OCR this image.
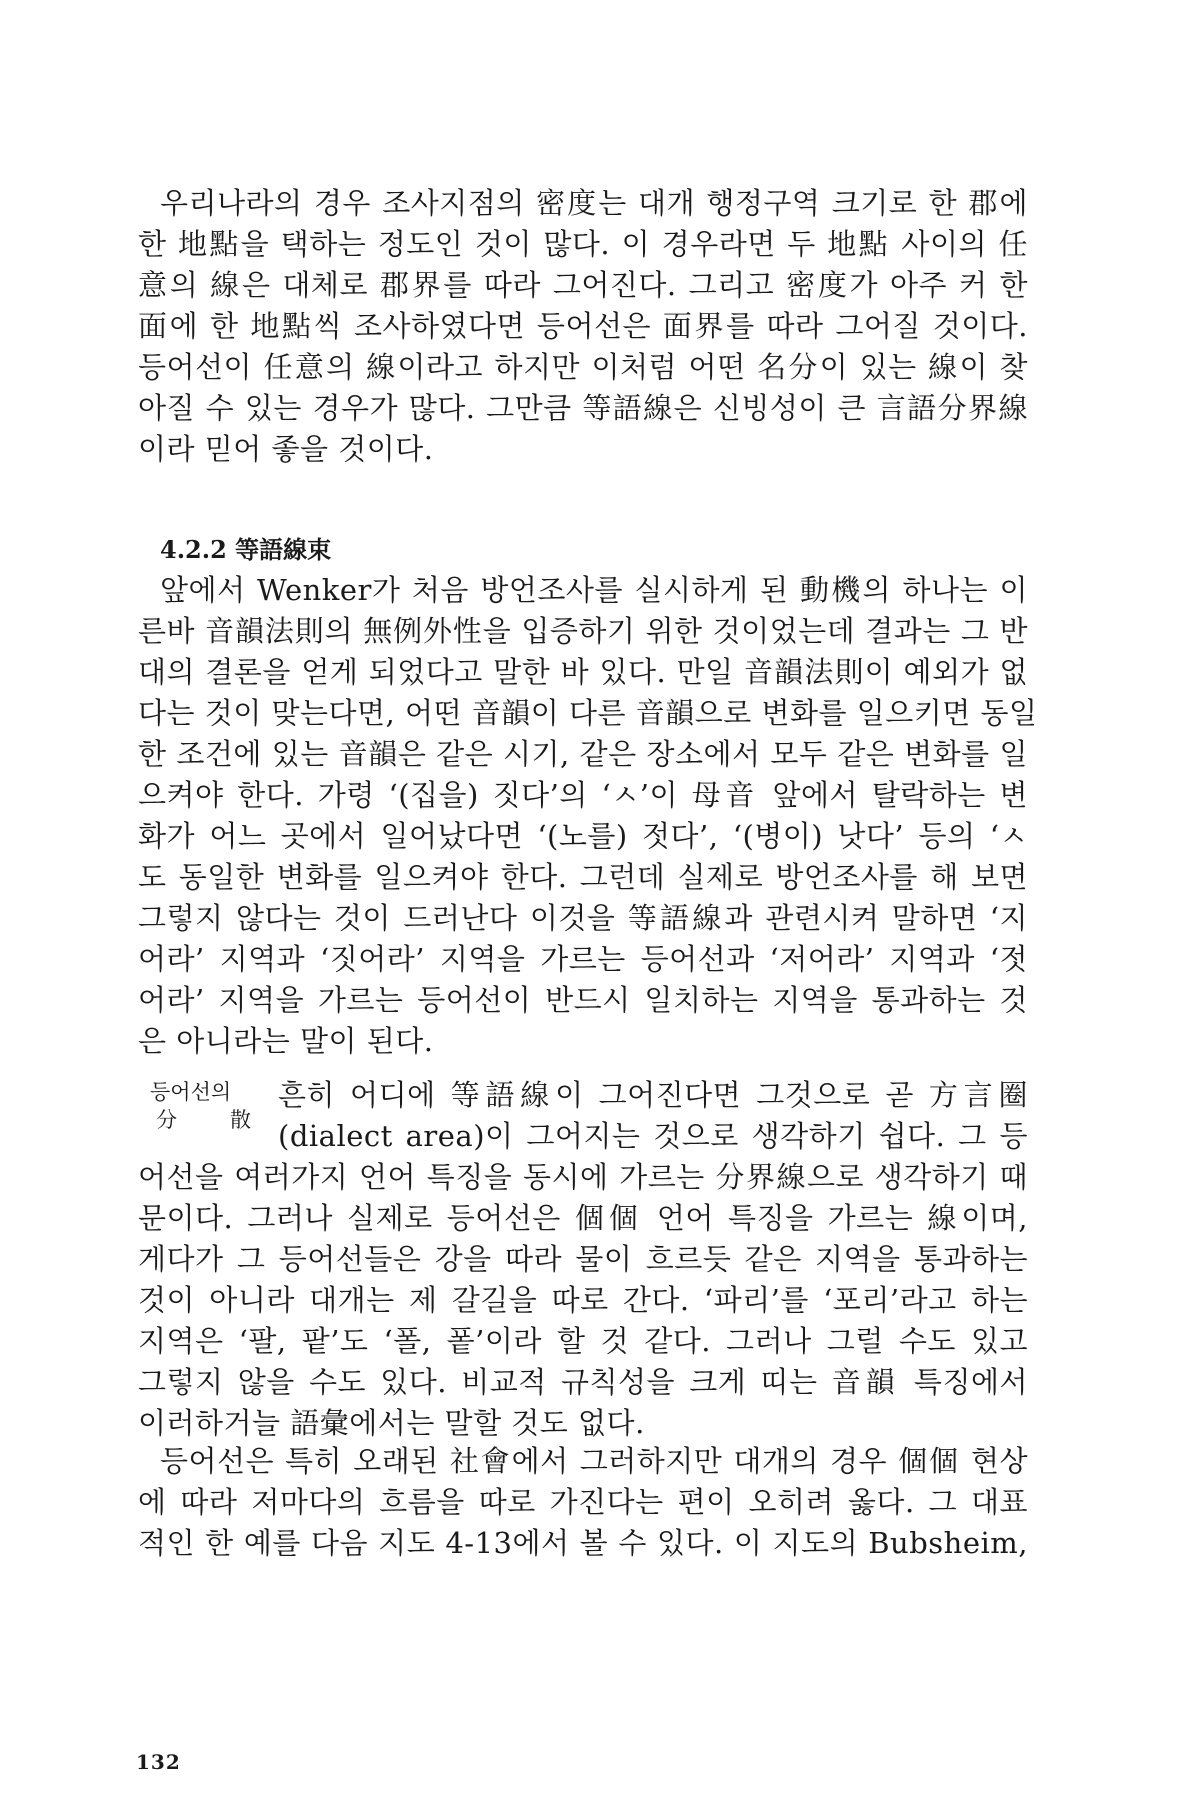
우리나라의 경우 조사지점의 密度는 대개 행정구역 크기로 한 郡에
한 地點을 택하는 정도인 것이 많다. 이 경우라면 두 地點 사이의 任
意의 線은 대체로 郡界를 따라 그어진다. 그리고 密度가 아주 커 한
面에 한 地點씩 조사하였다면 등어선은 面界를 따라 그어질 것이다.
등어선이 任意의 線이라고 하지만 이처럼 어떤 名分이 있는 線이 찾
아질 수 있는 경우가 많다. 그만큼 等語線은 신빙성이 큰 言語分界線
이라 믿어 좋을 것이다.
4.2.2 等語線束
앞에서 Wenker가 처음 방언조사를 실시하게 된 動機의 하나는 이
른바 音韻法則의 無例外性을 입증하기 위한 것이었는데 결과는 그 반
대의 결론을 얻게 되었다고 말한 바 있다. 만일 音韻法則이 예외가 없
다는 것이 맞는다면, 어떤 音韻이 다른 音韻으로 변화를 일으키면 동일
한 조건에 있는 音韻은 같은 시기, 같은 장소에서 모두 같은 변화를 일
으켜야 한다. 가령 ‘(집을) 짓다’의 ‘ㅅ’이 母音 앞에서 탈락하는 변
화가 어느 곳에서 일어났다면 ‘(노를) 젓다’, ‘(병이) 낫다’ 등의 ‘ㅅ
도 동일한 변화를 일으켜야 한다. 그런데 실제로 방언조사를 해 보면
그렇지 않다는 것이 드러난다 이것을 等語線과 관련시켜 말하면 ‘지
어라’ 지역과 ‘짓어라’ 지역을 가르는 등어선과 ‘저어라’ 지역과 ‘젓
어라’ 지역을 가르는 등어선이 반드시 일치하는 지역을 통과하는 것
은 아니라는 말이 된다.
등어선의
分	散
흔히 어디에 等語線이 그어진다면 그것으로 곧 方言圈
(dialect area)이 그어지는 것으로 생각하기 쉽다. 그 등
어선을 여러가지 언어 특징을 동시에 가르는 分界線으로 생각하기 때
문이다. 그러나 실제로 등어선은 個個 언어 특징을 가르는 線이며,
게다가 그 등어선들은 강을 따라 물이 흐르듯 같은 지역을 통과하는
것이 아니라 대개는 제 갈길을 따로 간다. ‘파리’를 ‘포리’라고 하는
지역은 ‘팔, 팥’도 ‘폴, 퐅’이라 할 것 같다. 그러나 그럴 수도 있고
그렇지 않을 수도 있다. 비교적 규칙성을 크게 띠는 音韻 특징에서
이러하거늘 語彙에서는 말할 것도 없다.
등어선은 특히 오래된 社會에서 그러하지만 대개의 경우 個個 현상
에 따라 저마다의 흐름을 따로 가진다는 편이 오히려 옳다. 그 대표
적인 한 예를 다음 지도 4-13에서 볼 수 있다. 이 지도의 Bubsheim,
132
